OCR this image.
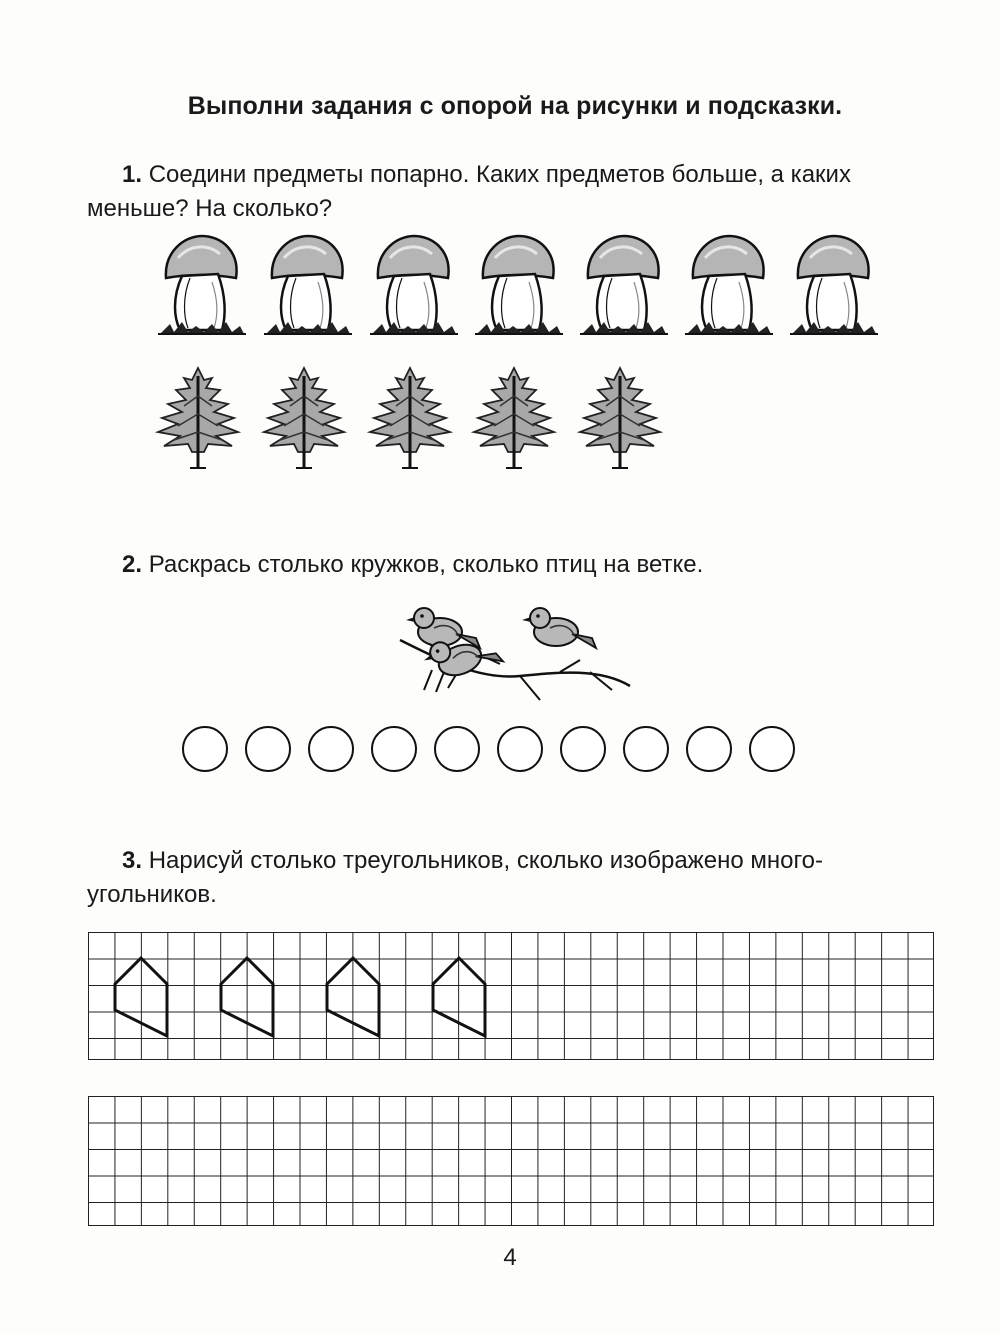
Выполни задания с опорой на рисунки и подсказки.
1. Соедини предметы попарно. Каких предметов больше, а каких
меньше? На сколько?
2. Раскрась столько кружков, сколько птиц на ветке.
3. Нарисуй столько треугольников, сколько изображено много-
угольников.
4
